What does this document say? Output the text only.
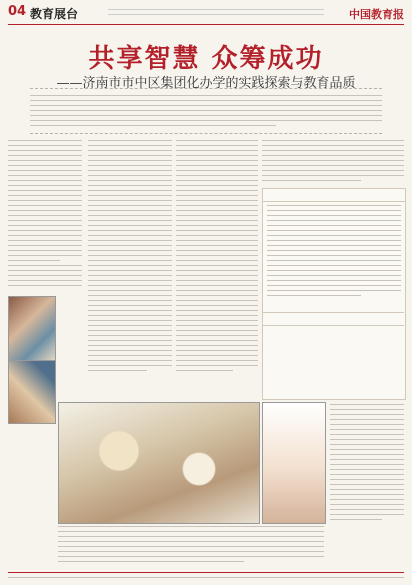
04 教育展台	中国教育报
共享智慧 众筹成功
——济南市市中区集团化办学的实践探索与教育品质
